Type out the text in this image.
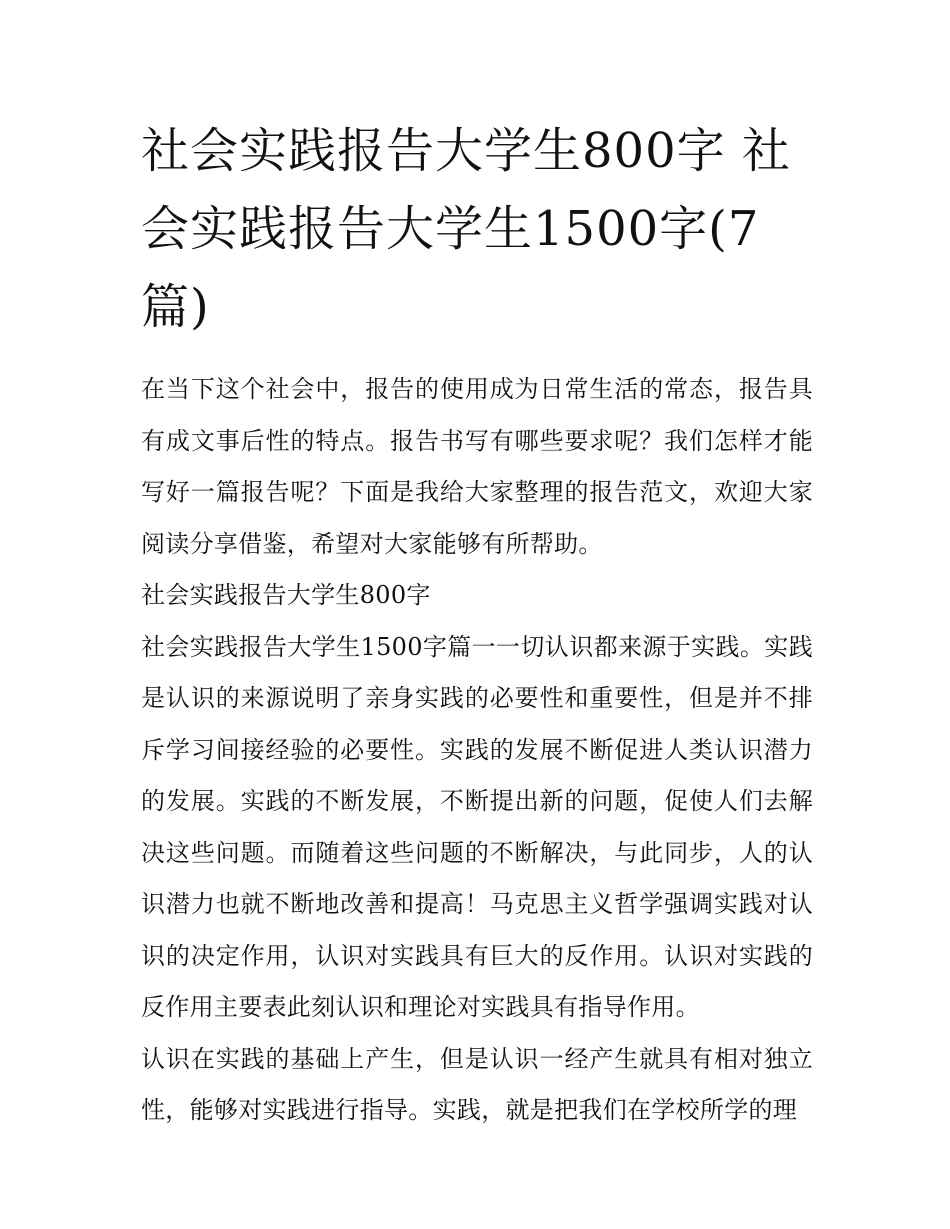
社会实践报告大学生800字 社会实践报告大学生1500字(7篇)

在当下这个社会中，报告的使用成为日常生活的常态，报告具有成文事后性的特点。报告书写有哪些要求呢？我们怎样才能写好一篇报告呢？下面是我给大家整理的报告范文，欢迎大家阅读分享借鉴，希望对大家能够有所帮助。

社会实践报告大学生800字

社会实践报告大学生1500字篇一一切认识都来源于实践。实践是认识的来源说明了亲身实践的必要性和重要性，但是并不排斥学习间接经验的必要性。实践的发展不断促进人类认识潜力的发展。实践的不断发展，不断提出新的问题，促使人们去解决这些问题。而随着这些问题的不断解决，与此同步，人的认识潜力也就不断地改善和提高！马克思主义哲学强调实践对认识的决定作用，认识对实践具有巨大的反作用。认识对实践的反作用主要表此刻认识和理论对实践具有指导作用。

认识在实践的基础上产生，但是认识一经产生就具有相对独立性，能够对实践进行指导。实践，就是把我们在学校所学的理
